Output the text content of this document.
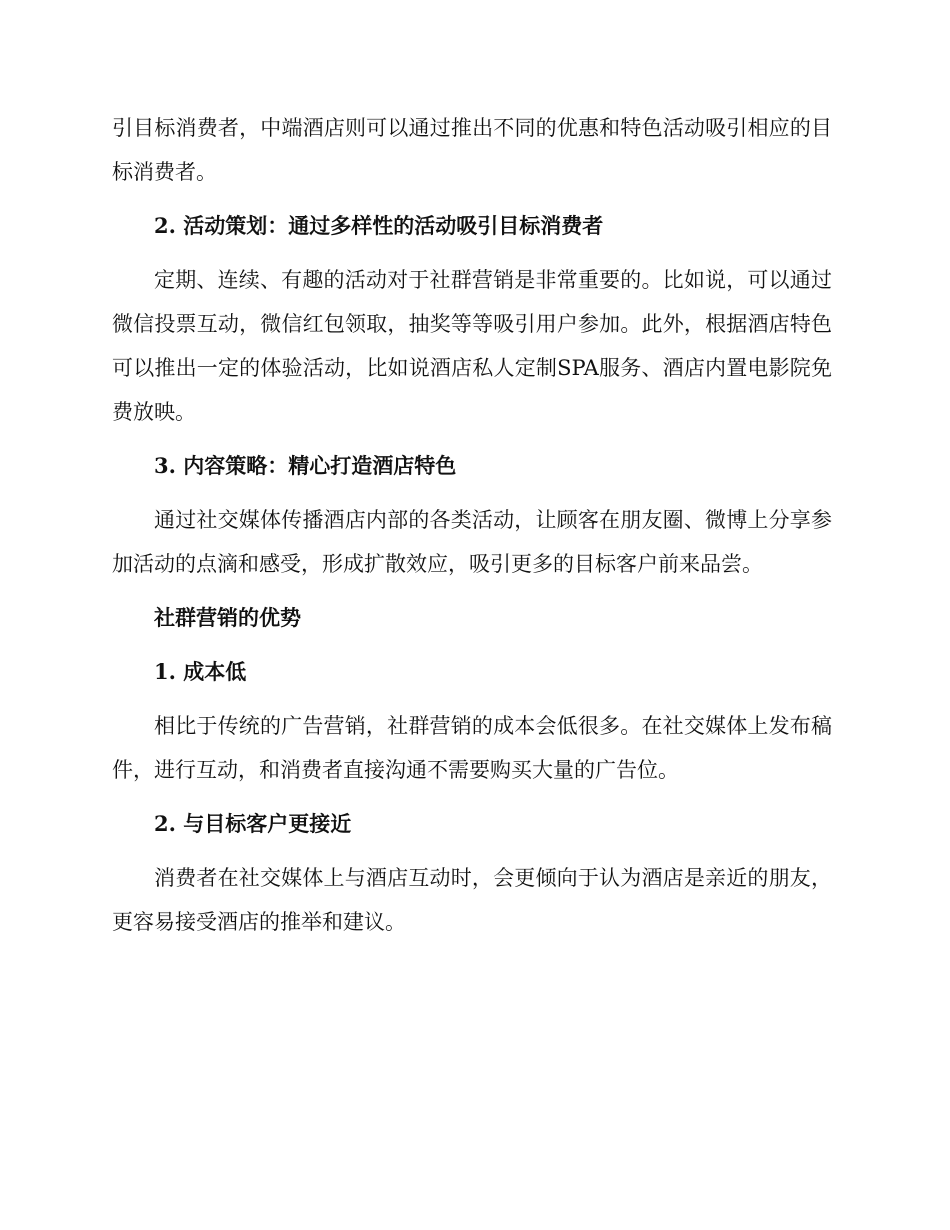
引目标消费者，中端酒店则可以通过推出不同的优惠和特色活动吸引相应的目标消费者。

2. 活动策划：通过多样性的活动吸引目标消费者

定期、连续、有趣的活动对于社群营销是非常重要的。比如说，可以通过微信投票互动，微信红包领取，抽奖等等吸引用户参加。此外，根据酒店特色可以推出一定的体验活动，比如说酒店私人定制SPA服务、酒店内置电影院免费放映。

3. 内容策略：精心打造酒店特色

通过社交媒体传播酒店内部的各类活动，让顾客在朋友圈、微博上分享参加活动的点滴和感受，形成扩散效应，吸引更多的目标客户前来品尝。

社群营销的优势

1. 成本低

相比于传统的广告营销，社群营销的成本会低很多。在社交媒体上发布稿件，进行互动，和消费者直接沟通不需要购买大量的广告位。

2. 与目标客户更接近

消费者在社交媒体上与酒店互动时，会更倾向于认为酒店是亲近的朋友，更容易接受酒店的推举和建议。
